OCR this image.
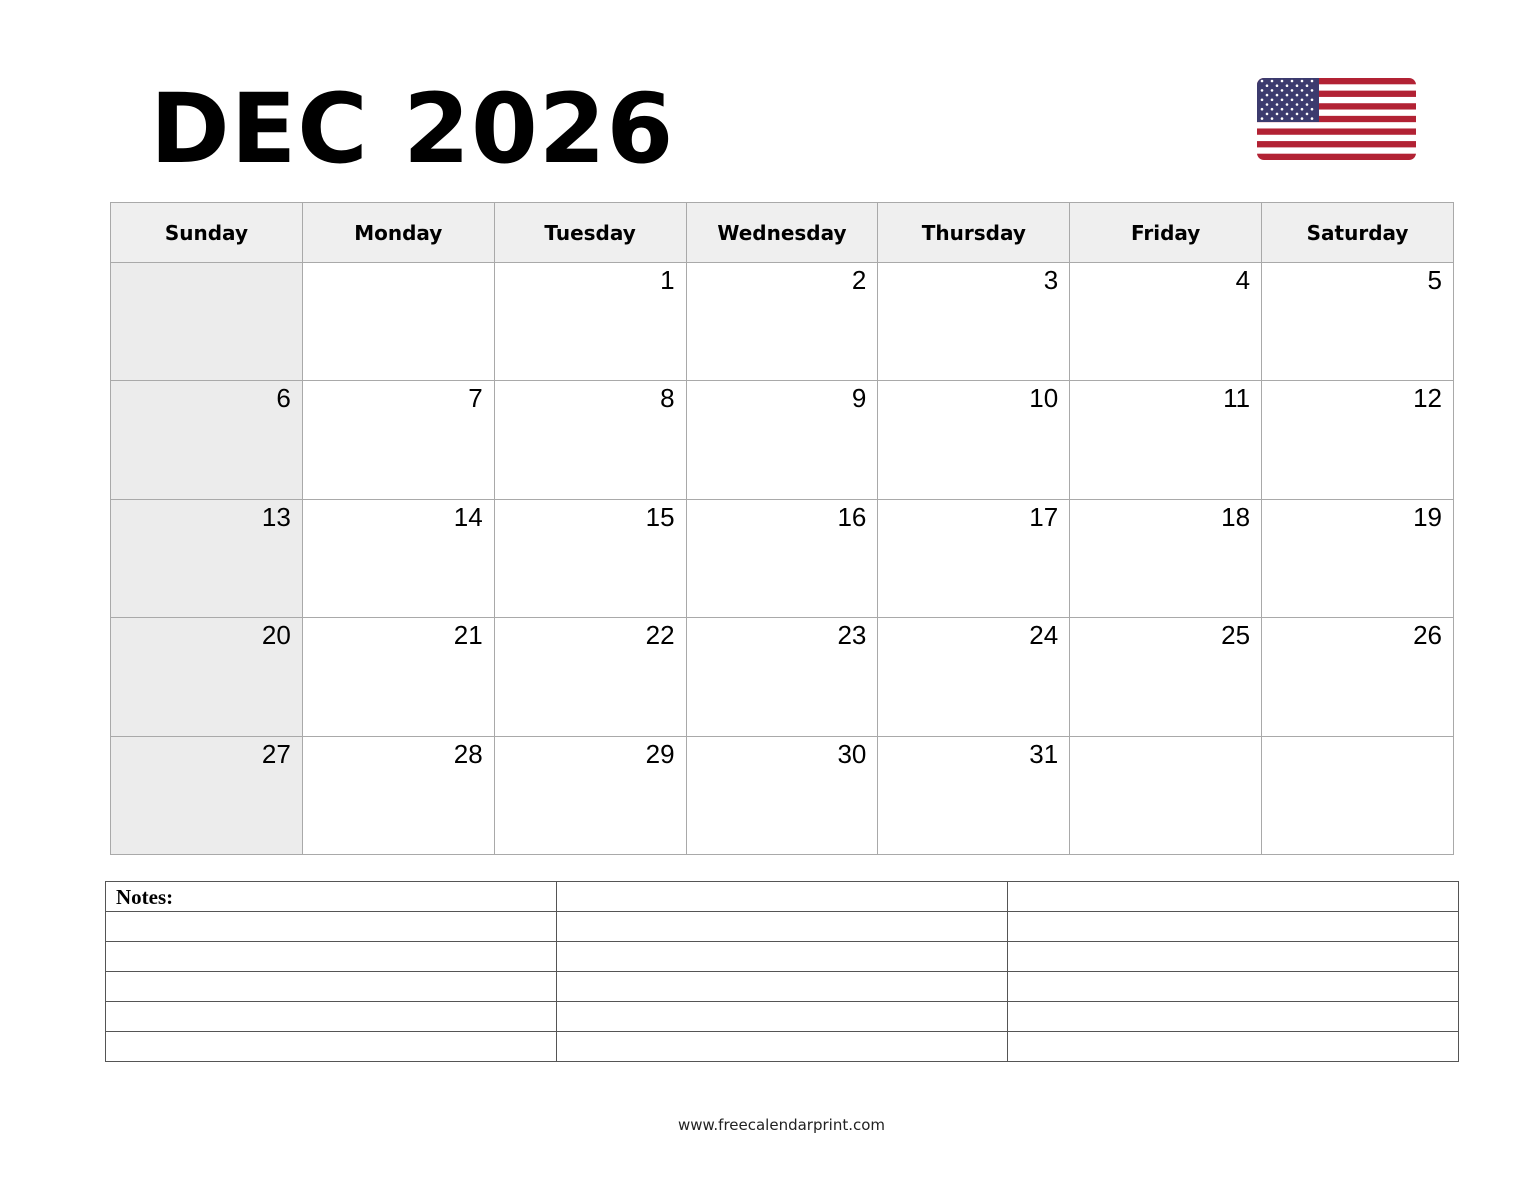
DEC 2026
Sunday	Monday	Tuesday	Wednesday	Thursday	Friday	Saturday

		1	2	3	4	5

6	7	8	9	10	11	12

13	14	15	16	17	18	19

20	21	22	23	24	25	26

27	28	29	30	31		

Notes:		

www.freecalendarprint.com
